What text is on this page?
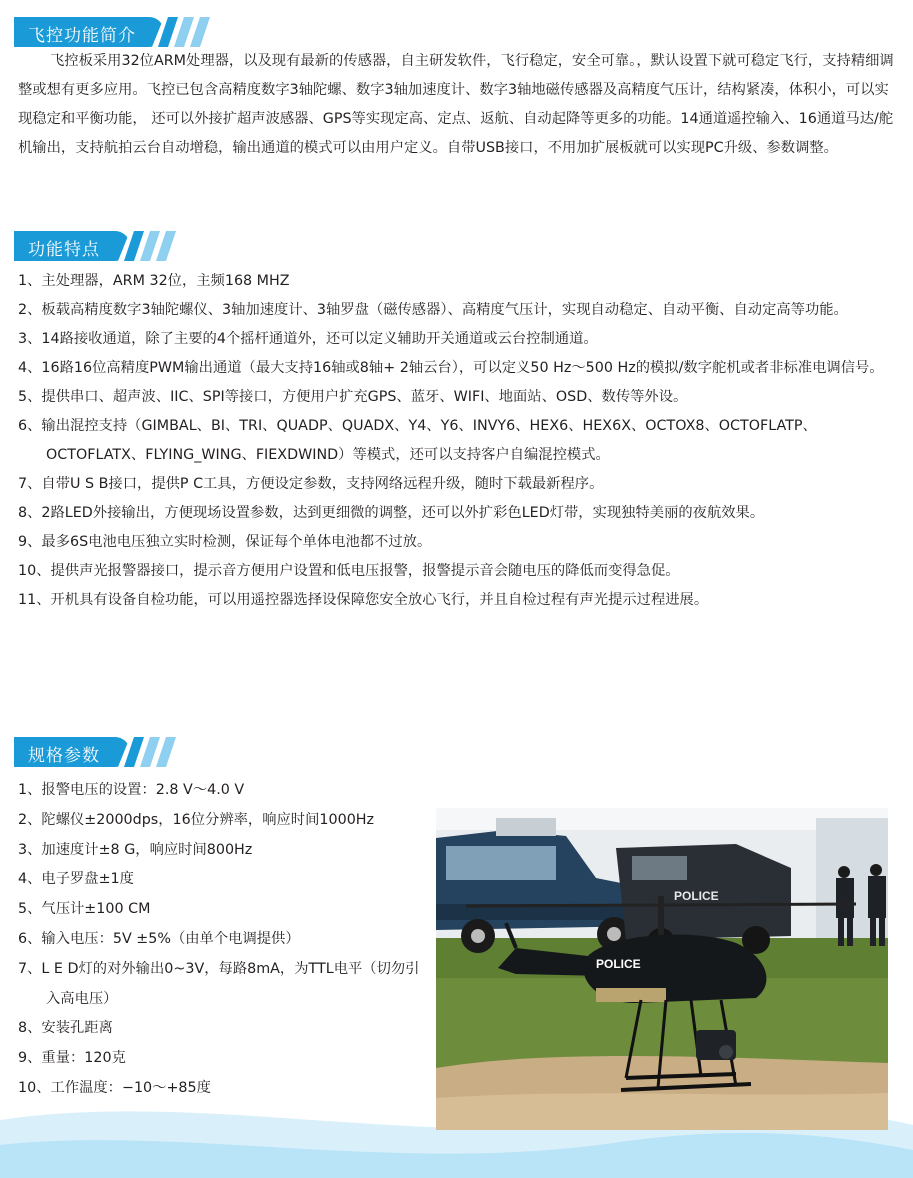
飞控功能简介

飞控板采用32位ARM处理器，以及现有最新的传感器，自主研发软件，飞行稳定，安全可靠。，默认设置下就可稳定飞行，支持精细调整或想有更多应用。飞控已包含高精度数字3轴陀螺、数字3轴加速度计、数字3轴地磁传感器及高精度气压计，结构紧凑，体积小，可以实现稳定和平衡功能， 还可以外接扩超声波感器、GPS等实现定高、定点、返航、自动起降等更多的功能。14通道遥控输入、16通道马达/舵机输出，支持航拍云台自动增稳，输出通道的模式可以由用户定义。自带USB接口，不用加扩展板就可以实现PC升级、参数调整。

功能特点
1、主处理器，ARM 32位，主频168 MHZ
2、板载高精度数字3轴陀螺仪、3轴加速度计、3轴罗盘（磁传感器）、高精度气压计，实现自动稳定、自动平衡、自动定高等功能。
3、14路接收通道，除了主要的4个摇杆通道外，还可以定义辅助开关通道或云台控制通道。
4、16路16位高精度PWM输出通道（最大支持16轴或8轴+ 2轴云台），可以定义50 Hz～500 Hz的模拟/数字舵机或者非标准电调信号。
5、提供串口、超声波、IIC、SPI等接口，方便用户扩充GPS、蓝牙、WIFI、地面站、OSD、数传等外设。
6、输出混控支持（GIMBAL、BI、TRI、QUADP、QUADX、Y4、Y6、INVY6、HEX6、HEX6X、OCTOX8、OCTOFLATP、OCTOFLATX、FLYING_WING、FIEXDWIND）等模式，还可以支持客户自编混控模式。
7、自带U S B接口，提供P C工具，方便设定参数，支持网络远程升级，随时下载最新程序。
8、2路LED外接输出，方便现场设置参数，达到更细微的调整，还可以外扩彩色LED灯带，实现独特美丽的夜航效果。
9、最多6S电池电压独立实时检测，保证每个单体电池都不过放。
10、提供声光报警器接口，提示音方便用户设置和低电压报警，报警提示音会随电压的降低而变得急促。
11、开机具有设备自检功能，可以用遥控器选择设保障您安全放心飞行，并且自检过程有声光提示过程进展。
规格参数
1、报警电压的设置：2.8 V～4.0 V
2、陀螺仪±2000dps，16位分辨率，响应时间1000Hz
3、加速度计±8 G，响应时间800Hz
4、电子罗盘±1度
5、气压计±100 CM
6、输入电压：5V ±5%（由单个电调提供）
7、L E D灯的对外输出0~3V，每路8mA，为TTL电平（切勿引入高电压）
8、安装孔距离
9、重量：120克
10、工作温度：−10～+85度
POLICE
POLICE
